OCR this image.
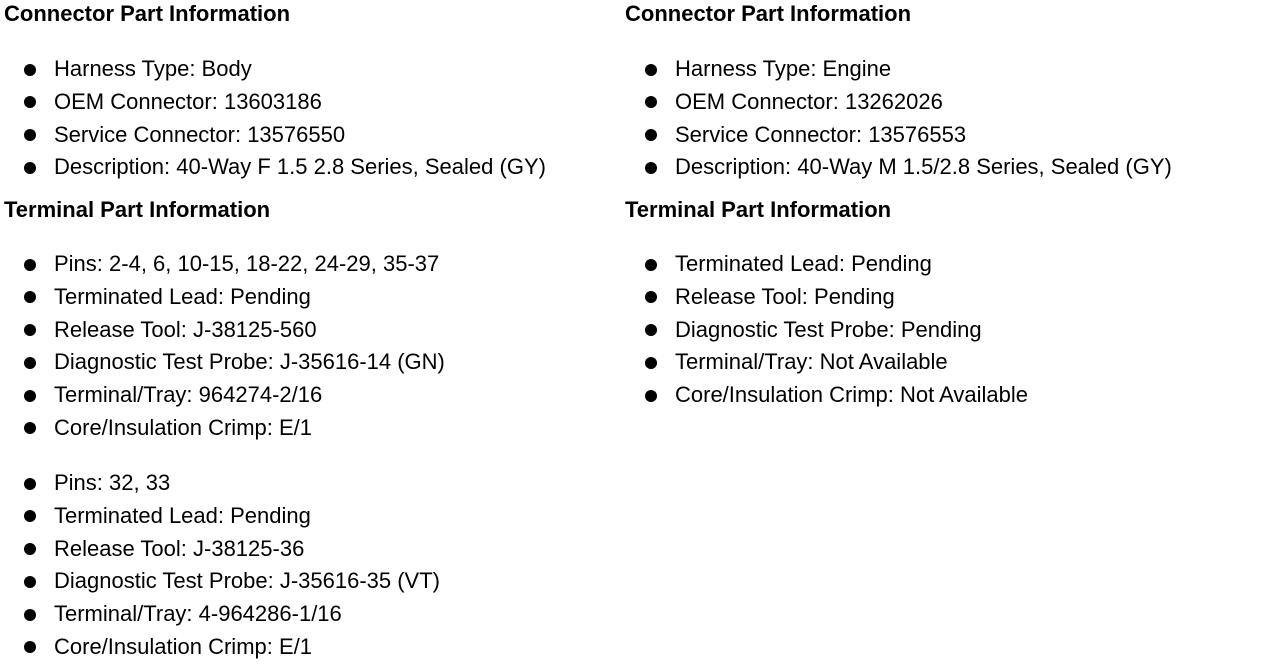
Connector Part Information
Harness Type: Body
OEM Connector: 13603186
Service Connector: 13576550
Description: 40-Way F 1.5 2.8 Series, Sealed (GY)
Terminal Part Information
Pins: 2-4, 6, 10-15, 18-22, 24-29, 35-37
Terminated Lead: Pending
Release Tool: J-38125-560
Diagnostic Test Probe: J-35616-14 (GN)
Terminal/Tray: 964274-2/16
Core/Insulation Crimp: E/1
Pins: 32, 33
Terminated Lead: Pending
Release Tool: J-38125-36
Diagnostic Test Probe: J-35616-35 (VT)
Terminal/Tray: 4-964286-1/16
Core/Insulation Crimp: E/1
Connector Part Information
Harness Type: Engine
OEM Connector: 13262026
Service Connector: 13576553
Description: 40-Way M 1.5/2.8 Series, Sealed (GY)
Terminal Part Information
Terminated Lead: Pending
Release Tool: Pending
Diagnostic Test Probe: Pending
Terminal/Tray: Not Available
Core/Insulation Crimp: Not Available
